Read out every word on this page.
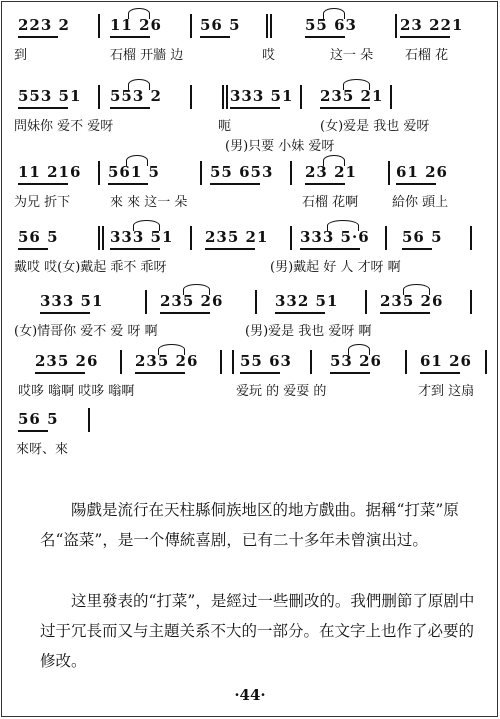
223 2	11 26	56 5	55 63	23 221
到	石榴 开牆 边	哎	这一 朵 石榴 花
553 51 553 2	333 51 235 21
問妹你 爱不 爱呀	呃	(女)爱是 我也 爱呀
(男)只要 小妹 爱呀
11 216 561 5	55 653 23 21	61 26
为兄 折下	來 來 这一 朵	石榴 花啊	給你 頭上
56 5	333 51 235 21 333 5·6 56 5
戴哎 哎(女)戴起 乖不 乖呀	(男)戴起 好 人 才呀 啊
333 51	235 26	332 51	235 26
(女)情哥你 爱不 爱 呀 啊	(男)爱是 我也 爱呀 啊
235 26 235 26	55 63	53 26	61 26
哎哆 嗡啊 哎哆 嗡啊	爱玩 的 爱耍 的	才到 这扇
56 5
來呀、來
　　陽戲是流行在天柱縣侗族地区的地方戲曲。据稱“打菜”原名“盗菜”，是一个傳統喜剧，已有二十多年未曾演出过。
　　这里發表的“打菜”，是經过一些刪改的。我們删節了原剧中过于冗長而又与主題关系不大的一部分。在文字上也作了必要的修改。
·44·
